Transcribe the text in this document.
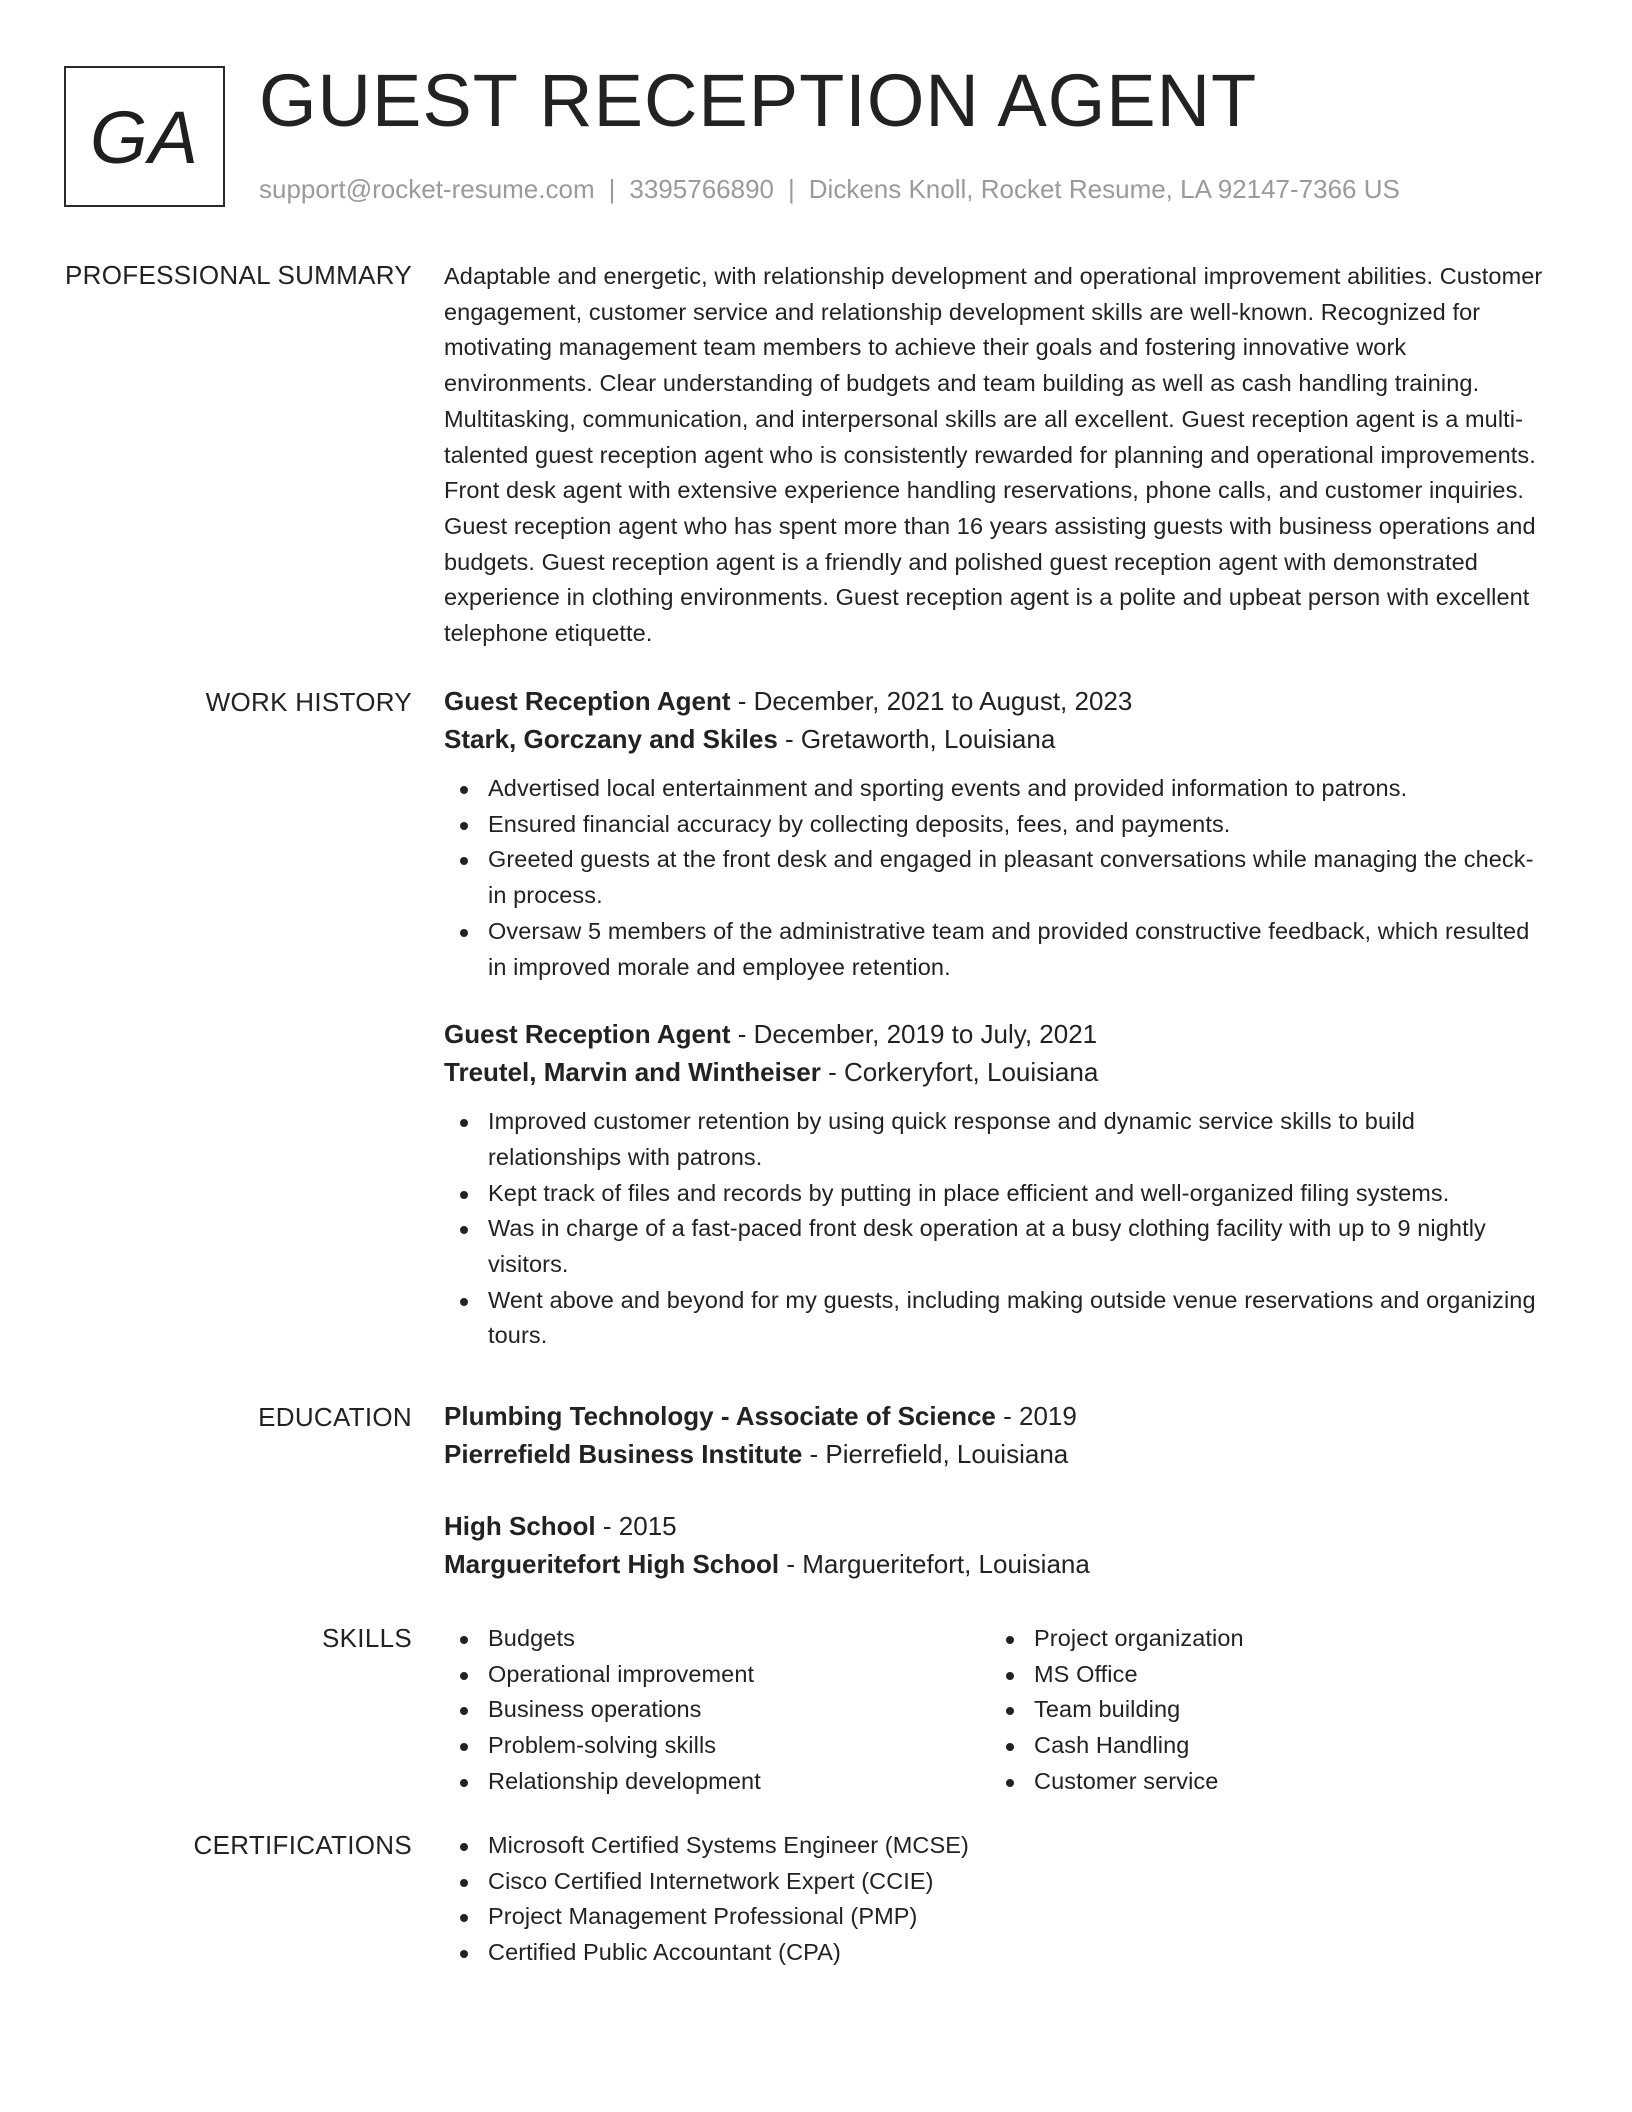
GA GUEST RECEPTION AGENT
support@rocket-resume.com | 3395766890 | Dickens Knoll, Rocket Resume, LA 92147-7366 US
PROFESSIONAL SUMMARY Adaptable and energetic, with relationship development and operational improvement abilities. Customer engagement, customer service and relationship development skills are well-known. Recognized for motivating management team members to achieve their goals and fostering innovative work environments. Clear understanding of budgets and team building as well as cash handling training. Multitasking, communication, and interpersonal skills are all excellent. Guest reception agent is a multi-talented guest reception agent who is consistently rewarded for planning and operational improvements. Front desk agent with extensive experience handling reservations, phone calls, and customer inquiries. Guest reception agent who has spent more than 16 years assisting guests with business operations and budgets. Guest reception agent is a friendly and polished guest reception agent with demonstrated experience in clothing environments. Guest reception agent is a polite and upbeat person with excellent telephone etiquette.

WORK HISTORY Guest Reception Agent - December, 2021 to August, 2023
Stark, Gorczany and Skiles - Gretaworth, Louisiana
Advertised local entertainment and sporting events and provided information to patrons.
Ensured financial accuracy by collecting deposits, fees, and payments.
Greeted guests at the front desk and engaged in pleasant conversations while managing the check-in process.
Oversaw 5 members of the administrative team and provided constructive feedback, which resulted in improved morale and employee retention.
Guest Reception Agent - December, 2019 to July, 2021
Treutel, Marvin and Wintheiser - Corkeryfort, Louisiana
Improved customer retention by using quick response and dynamic service skills to build relationships with patrons.
Kept track of files and records by putting in place efficient and well-organized filing systems.
Was in charge of a fast-paced front desk operation at a busy clothing facility with up to 9 nightly visitors.
Went above and beyond for my guests, including making outside venue reservations and organizing tours.
EDUCATION Plumbing Technology - Associate of Science - 2019
Pierrefield Business Institute - Pierrefield, Louisiana
High School - 2015
Margueritefort High School - Margueritefort, Louisiana
SKILLS	Budgets
Operational improvement
Business operations
Problem-solving skills
Relationship development
Project organization
MS Office
Team building
Cash Handling
Customer service
CERTIFICATIONS	Microsoft Certified Systems Engineer (MCSE)
Cisco Certified Internetwork Expert (CCIE)
Project Management Professional (PMP)
Certified Public Accountant (CPA)
